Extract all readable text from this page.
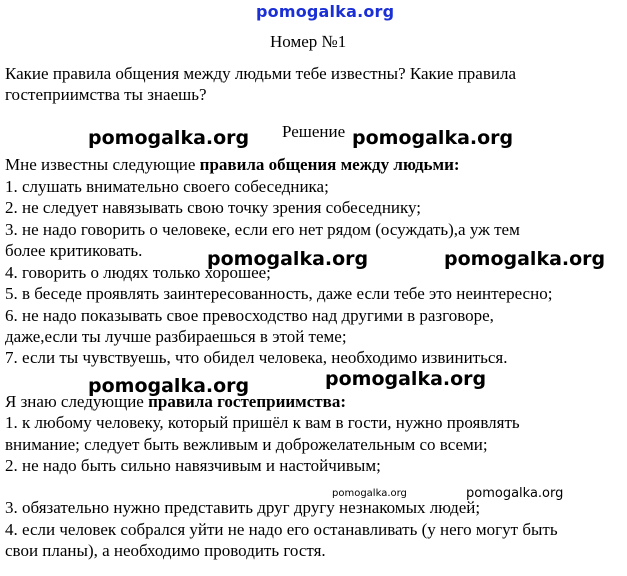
pomogalka.org
Номер №1
Какие правила общения между людьми тебе известны? Какие правила
гостеприимства ты знаешь?
pomogalka.org Решение pomogalka.org
Мне известны следующие правила общения между людьми:
1. слушать внимательно своего собеседника;
2. не следует навязывать свою точку зрения собеседнику;
3. не надо говорить о человеке, если его нет рядом (осуждать),а уж тем
более критиковать.	pomogalka.org	pomogalka.org
4. говорить о людях только хорошее;
5. в беседе проявлять заинтересованность, даже если тебе это неинтересно;
6. не надо показывать свое превосходство над другими в разговоре,
даже,если ты лучше разбираешься в этой теме;
7. если ты чувствуешь, что обидел человека, необходимо извиниться.
pomogalka.org	pomogalka.org
Я знаю следующие правила гостеприимства:
1. к любому человеку, который пришёл к вам в гости, нужно проявлять
внимание; следует быть вежливым и доброжелательным со всеми;
2. не надо быть сильно навязчивым и настойчивым;
pomogalka.org	pomogalka.org
3. обязательно нужно представить друг другу незнакомых людей;
4. если человек собрался уйти не надо его останавливать (у него могут быть
свои планы), а необходимо проводить гостя.
